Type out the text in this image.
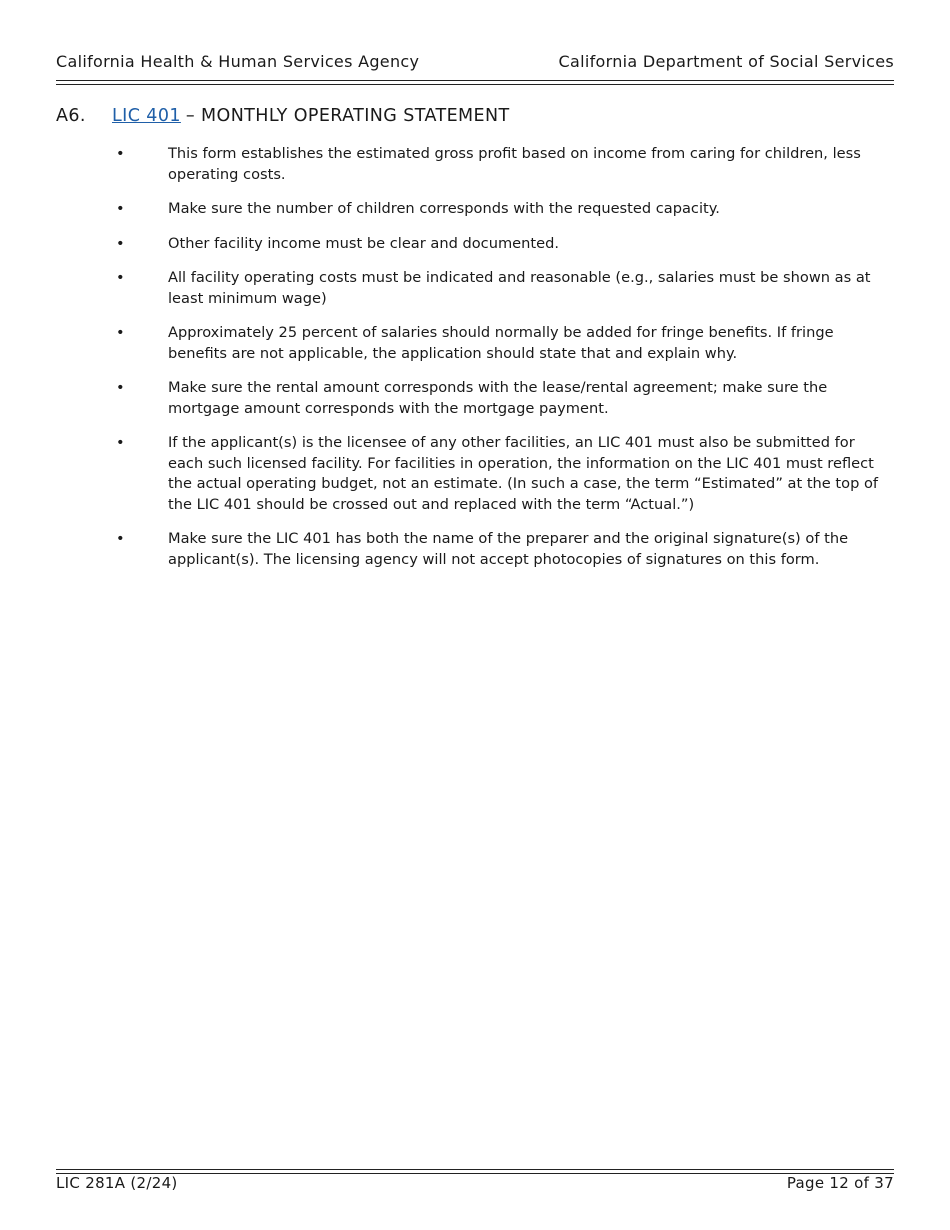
California Health & Human Services Agency	California Department of Social Services
A6.	LIC 401 – MONTHLY OPERATING STATEMENT
•	This form establishes the estimated gross profit based on income from caring for children, less operating costs.
•	Make sure the number of children corresponds with the requested capacity.
•	Other facility income must be clear and documented.
•	All facility operating costs must be indicated and reasonable (e.g., salaries must be shown as at least minimum wage)
•	Approximately 25 percent of salaries should normally be added for fringe benefits. If fringe benefits are not applicable, the application should state that and explain why.
•	Make sure the rental amount corresponds with the lease/rental agreement; make sure the mortgage amount corresponds with the mortgage payment.
•	If the applicant(s) is the licensee of any other facilities, an LIC 401 must also be submitted for each such licensed facility. For facilities in operation, the information on the LIC 401 must reflect the actual operating budget, not an estimate. (In such a case, the term “Estimated” at the top of the LIC 401 should be crossed out and replaced with the term “Actual.”)
•	Make sure the LIC 401 has both the name of the preparer and the original signature(s) of the applicant(s). The licensing agency will not accept photocopies of signatures on this form.
LIC 281A (2/24)	Page 12 of 37
